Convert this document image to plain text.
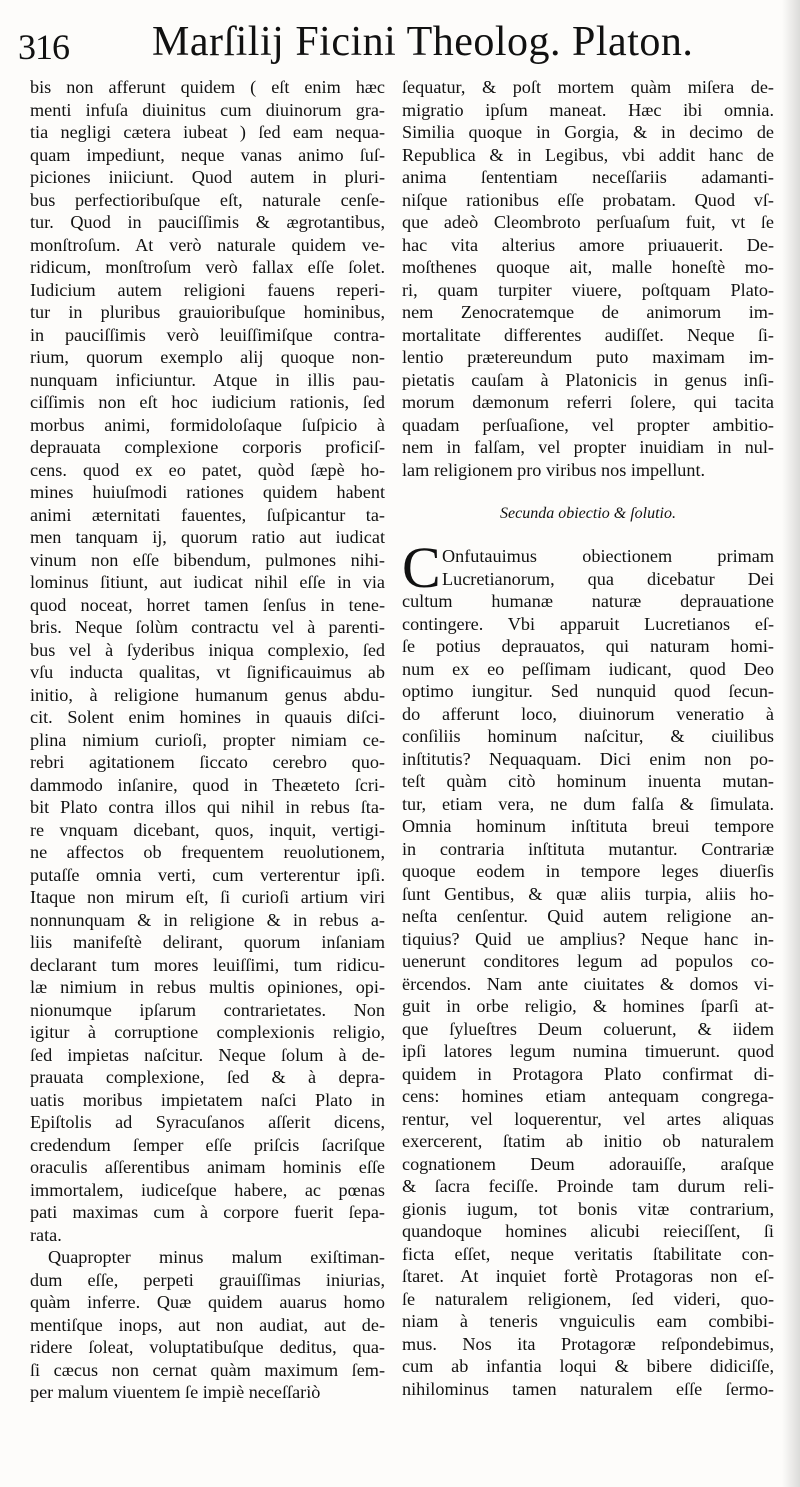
316 Marſilij Ficini Theolog. Platon.
bis non afferunt quidem ( eſt enim hæc
menti infuſa diuinitus cum diuinorum gra-
tia negligi cætera iubeat ) ſed eam nequa-
quam impediunt, neque vanas animo ſuſ-
piciones iniiciunt. Quod autem in pluri-
bus perfectioribuſque eſt, naturale cenſe-
tur. Quod in pauciſſimis & ægrotantibus,
monſtroſum. At verò naturale quidem ve-
ridicum, monſtroſum verò fallax eſſe ſolet.
Iudicium autem religioni fauens reperi-
tur in pluribus grauioribuſque hominibus,
in pauciſſimis verò leuiſſimiſque contra-
rium, quorum exemplo alij quoque non-
nunquam inficiuntur. Atque in illis pau-
ciſſimis non eſt hoc iudicium rationis, ſed
morbus animi, formidoloſaque ſuſpicio à
deprauata complexione corporis proficiſ-
cens. quod ex eo patet, quòd ſæpè ho-
mines huiuſmodi rationes quidem habent
animi æternitati fauentes, ſuſpicantur ta-
men tanquam ij, quorum ratio aut iudicat
vinum non eſſe bibendum, pulmones nihi-
lominus ſitiunt, aut iudicat nihil eſſe in via
quod noceat, horret tamen ſenſus in tene-
bris. Neque ſolùm contractu vel à parenti-
bus vel à ſyderibus iniqua complexio, ſed
vſu inducta qualitas, vt ſignificauimus ab
initio, à religione humanum genus abdu-
cit. Solent enim homines in quauis diſci-
plina nimium curioſi, propter nimiam ce-
rebri agitationem ſiccato cerebro quo-
dammodo inſanire, quod in Theæteto ſcri-
bit Plato contra illos qui nihil in rebus ſta-
re vnquam dicebant, quos, inquit, vertigi-
ne affectos ob frequentem reuolutionem,
putaſſe omnia verti, cum verterentur ipſi.
Itaque non mirum eſt, ſi curioſi artium viri
nonnunquam & in religione & in rebus a-
liis manifeſtè delirant, quorum inſaniam
declarant tum mores leuiſſimi, tum ridicu-
læ nimium in rebus multis opiniones, opi-
nionumque ipſarum contrarietates. Non
igitur à corruptione complexionis religio,
ſed impietas naſcitur. Neque ſolum à de-
prauata complexione, ſed & à depra-
uatis moribus impietatem naſci Plato in
Epiſtolis ad Syracuſanos aſſerit dicens,
credendum ſemper eſſe priſcis ſacriſque
oraculis aſſerentibus animam hominis eſſe
immortalem, iudiceſque habere, ac pœnas
pati maximas cum à corpore fuerit ſepa-
rata.
Quapropter minus malum exiſtiman-
dum eſſe, perpeti grauiſſimas iniurias,
quàm inferre. Quæ quidem auarus homo
mentiſque inops, aut non audiat, aut de-
ridere ſoleat, voluptatibuſque deditus, qua-
ſi cæcus non cernat quàm maximum ſem-
per malum viuentem ſe impiè neceſſariò
ſequatur, & poſt mortem quàm miſera de-
migratio ipſum maneat. Hæc ibi omnia.
Similia quoque in Gorgia, & in decimo de
Republica & in Legibus, vbi addit hanc de
anima ſententiam neceſſariis adamanti-
niſque rationibus eſſe probatam. Quod vſ-
que adeò Cleombroto perſuaſum fuit, vt ſe
hac vita alterius amore priuauerit. De-
moſthenes quoque ait, malle honeſtè mo-
ri, quam turpiter viuere, poſtquam Plato-
nem Zenocratemque de animorum im-
mortalitate differentes audiſſet. Neque ſi-
lentio prætereundum puto maximam im-
pietatis cauſam à Platonicis in genus inſi-
morum dæmonum referri ſolere, qui tacita
quadam perſuaſione, vel propter ambitio-
nem in falſam, vel propter inuidiam in nul-
lam religionem pro viribus nos impellunt.
Secunda obiectio & ſolutio.
C Onfutauimus obiectionem primam
Lucretianorum, qua dicebatur Dei
cultum humanæ naturæ deprauatione
contingere. Vbi apparuit Lucretianos eſ-
ſe potius deprauatos, qui naturam homi-
num ex eo peſſimam iudicant, quod Deo
optimo iungitur. Sed nunquid quod ſecun-
do afferunt loco, diuinorum veneratio à
conſiliis hominum naſcitur, & ciuilibus
inſtitutis? Nequaquam. Dici enim non po-
teſt quàm citò hominum inuenta mutan-
tur, etiam vera, ne dum falſa & ſimulata.
Omnia hominum inſtituta breui tempore
in contraria inſtituta mutantur. Contrariæ
quoque eodem in tempore leges diuerſis
ſunt Gentibus, & quæ aliis turpia, aliis ho-
neſta cenſentur. Quid autem religione an-
tiquius? Quid ue amplius? Neque hanc in-
uenerunt conditores legum ad populos co-
ërcendos. Nam ante ciuitates & domos vi-
guit in orbe religio, & homines ſparſi at-
que ſylueſtres Deum coluerunt, & iidem
ipſi latores legum numina timuerunt. quod
quidem in Protagora Plato confirmat di-
cens: homines etiam antequam congrega-
rentur, vel loquerentur, vel artes aliquas
exercerent, ſtatim ab initio ob naturalem
cognationem Deum adorauiſſe, araſque
& ſacra feciſſe. Proinde tam durum reli-
gionis iugum, tot bonis vitæ contrarium,
quandoque homines alicubi reieciſſent, ſi
ficta eſſet, neque veritatis ſtabilitate con-
ſtaret. At inquiet fortè Protagoras non eſ-
ſe naturalem religionem, ſed videri, quo-
niam à teneris vnguiculis eam combibi-
mus. Nos ita Protagoræ reſpondebimus,
cum ab infantia loqui & bibere didiciſſe,
nihilominus tamen naturalem eſſe ſermo-
